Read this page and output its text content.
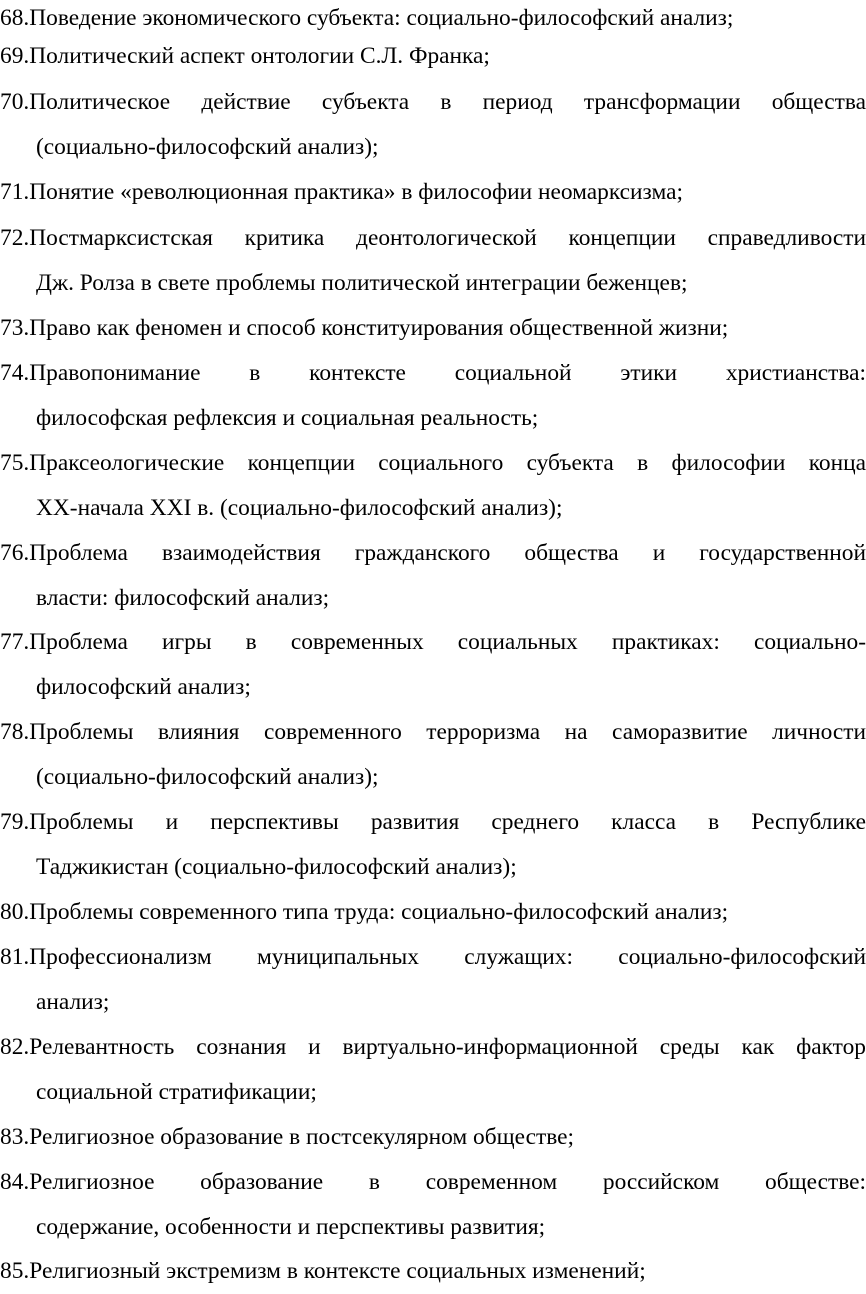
68.Поведение экономического субъекта: социально-философский анализ;
69.Политический аспект онтологии С.Л. Франка;
70.Политическое действие субъекта в период трансформации общества
(социально-философский анализ);
71.Понятие «революционная практика» в философии неомарксизма;
72.Постмарксистская критика деонтологической концепции справедливости
Дж. Ролза в свете проблемы политической интеграции беженцев;
73.Право как феномен и способ конституирования общественной жизни;
74.Правопонимание в контексте социальной этики христианства:
философская рефлексия и социальная реальность;
75.Праксеологические концепции социального субъекта в философии конца
XX-начала XXI в. (социально-философский анализ);
76.Проблема взаимодействия гражданского общества и государственной
власти: философский анализ;
77.Проблема игры в современных социальных практиках: социально-
философский анализ;
78.Проблемы влияния современного терроризма на саморазвитие личности
(социально-философский анализ);
79.Проблемы и перспективы развития среднего класса в Республике
Таджикистан (социально-философский анализ);
80.Проблемы современного типа труда: социально-философский анализ;
81.Профессионализм муниципальных служащих: социально-философский
анализ;
82.Релевантность сознания и виртуально-информационной среды как фактор
социальной стратификации;
83.Религиозное образование в постсекулярном обществе;
84.Религиозное образование в современном российском обществе:
содержание, особенности и перспективы развития;
85.Религиозный экстремизм в контексте социальных изменений;
